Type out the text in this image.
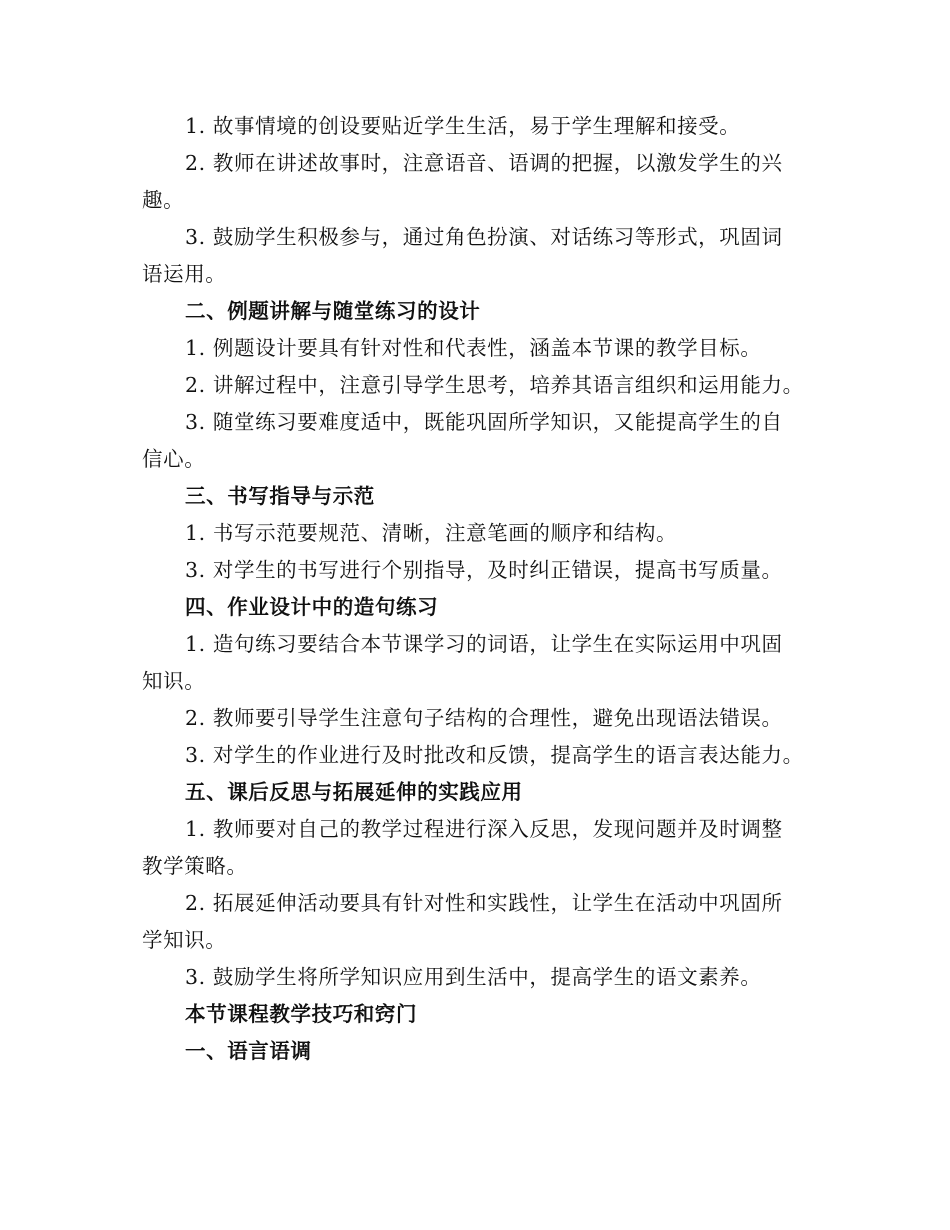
1. 故事情境的创设要贴近学生生活，易于学生理解和接受。
2. 教师在讲述故事时，注意语音、语调的把握，以激发学生的兴
趣。
3. 鼓励学生积极参与，通过角色扮演、对话练习等形式，巩固词
语运用。
二、例题讲解与随堂练习的设计
1. 例题设计要具有针对性和代表性，涵盖本节课的教学目标。
2. 讲解过程中，注意引导学生思考，培养其语言组织和运用能力。
3. 随堂练习要难度适中，既能巩固所学知识，又能提高学生的自
信心。
三、书写指导与示范
1. 书写示范要规范、清晰，注意笔画的顺序和结构。
3. 对学生的书写进行个别指导，及时纠正错误，提高书写质量。
四、作业设计中的造句练习
1. 造句练习要结合本节课学习的词语，让学生在实际运用中巩固
知识。
2. 教师要引导学生注意句子结构的合理性，避免出现语法错误。
3. 对学生的作业进行及时批改和反馈，提高学生的语言表达能力。
五、课后反思与拓展延伸的实践应用
1. 教师要对自己的教学过程进行深入反思，发现问题并及时调整
教学策略。
2. 拓展延伸活动要具有针对性和实践性，让学生在活动中巩固所
学知识。
3. 鼓励学生将所学知识应用到生活中，提高学生的语文素养。
本节课程教学技巧和窍门
一、语言语调
